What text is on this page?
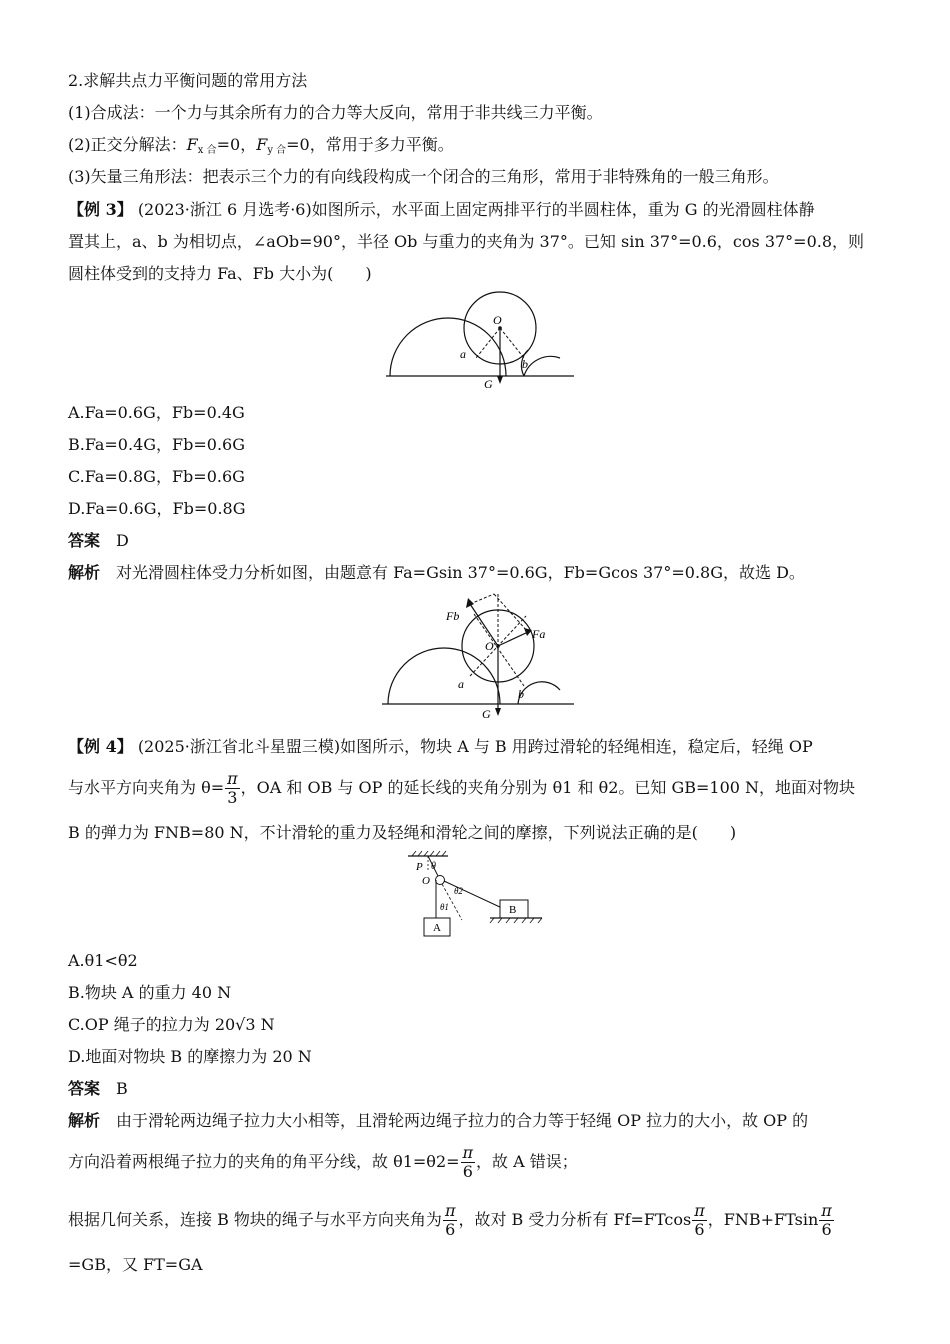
2.求解共点力平衡问题的常用方法
(1)合成法：一个力与其余所有力的合力等大反向，常用于非共线三力平衡。
(2)正交分解法：$F_{x 合}=0$，$F_{y 合}=0$，常用于多力平衡。
(3)矢量三角形法：把表示三个力的有向线段构成一个闭合的三角形，常用于非特殊角的一般三角形。
【例 3】 (2023·浙江 6 月选考·6)如图所示，水平面上固定两排平行的半圆柱体，重为 G 的光滑圆柱体静
置其上，a、b 为相切点，∠aOb=90°，半径 Ob 与重力的夹角为 37°。已知 sin 37°=0.6，cos 37°=0.8，则
圆柱体受到的支持力 Fa、Fb 大小为(　　)
O
a
b
G
A.Fa=0.6G，Fb=0.4G
B.Fa=0.4G，Fb=0.6G
C.Fa=0.8G，Fb=0.6G
D.Fa=0.6G，Fb=0.8G
答案　 D
解析　 对光滑圆柱体受力分析如图，由题意有 Fa=Gsin 37°=0.6G，Fb=Gcos 37°=0.8G，故选 D。
O
a
b
G
Fa
Fb
【例 4】 (2025·浙江省北斗星盟三模)如图所示，物块 A 与 B 用跨过滑轮的轻绳相连，稳定后，轻绳 OP
与水平方向夹角为 $\theta= \frac{\pi}{3}$ ，OA 和 OB 与 OP 的延长线的夹角分别为 θ1 和 θ2。已知 GB=100 N，地面对物块
B 的弹力为 FNB=80 N，不计滑轮的重力及轻绳和滑轮之间的摩擦，下列说法正确的是(　　)
P θ
O
θ2
θ1
A
B
A.θ1<θ2
B.物块 A 的重力 40 N
C.OP 绳子的拉力为 20√3 N
D.地面对物块 B 的摩擦力为 20 N
答案　 B
解析　 由于滑轮两边绳子拉力大小相等，且滑轮两边绳子拉力的合力等于轻绳 OP 拉力的大小，故 OP 的
方向沿着两根绳子拉力的夹角的角平分线，故 $\theta 1=\theta 2= \frac{\pi}{6}$ ，故 A 错误；
根据几何关系，连接 B 物块的绳子与水平方向夹角为 $\frac{\pi}{6}$ ，故对 B 受力分析有 $Ff=FTcos \frac{\pi}{6}$ ，$FNB+FTsin \frac{\pi}{6}$
=GB，又 FT=GA
